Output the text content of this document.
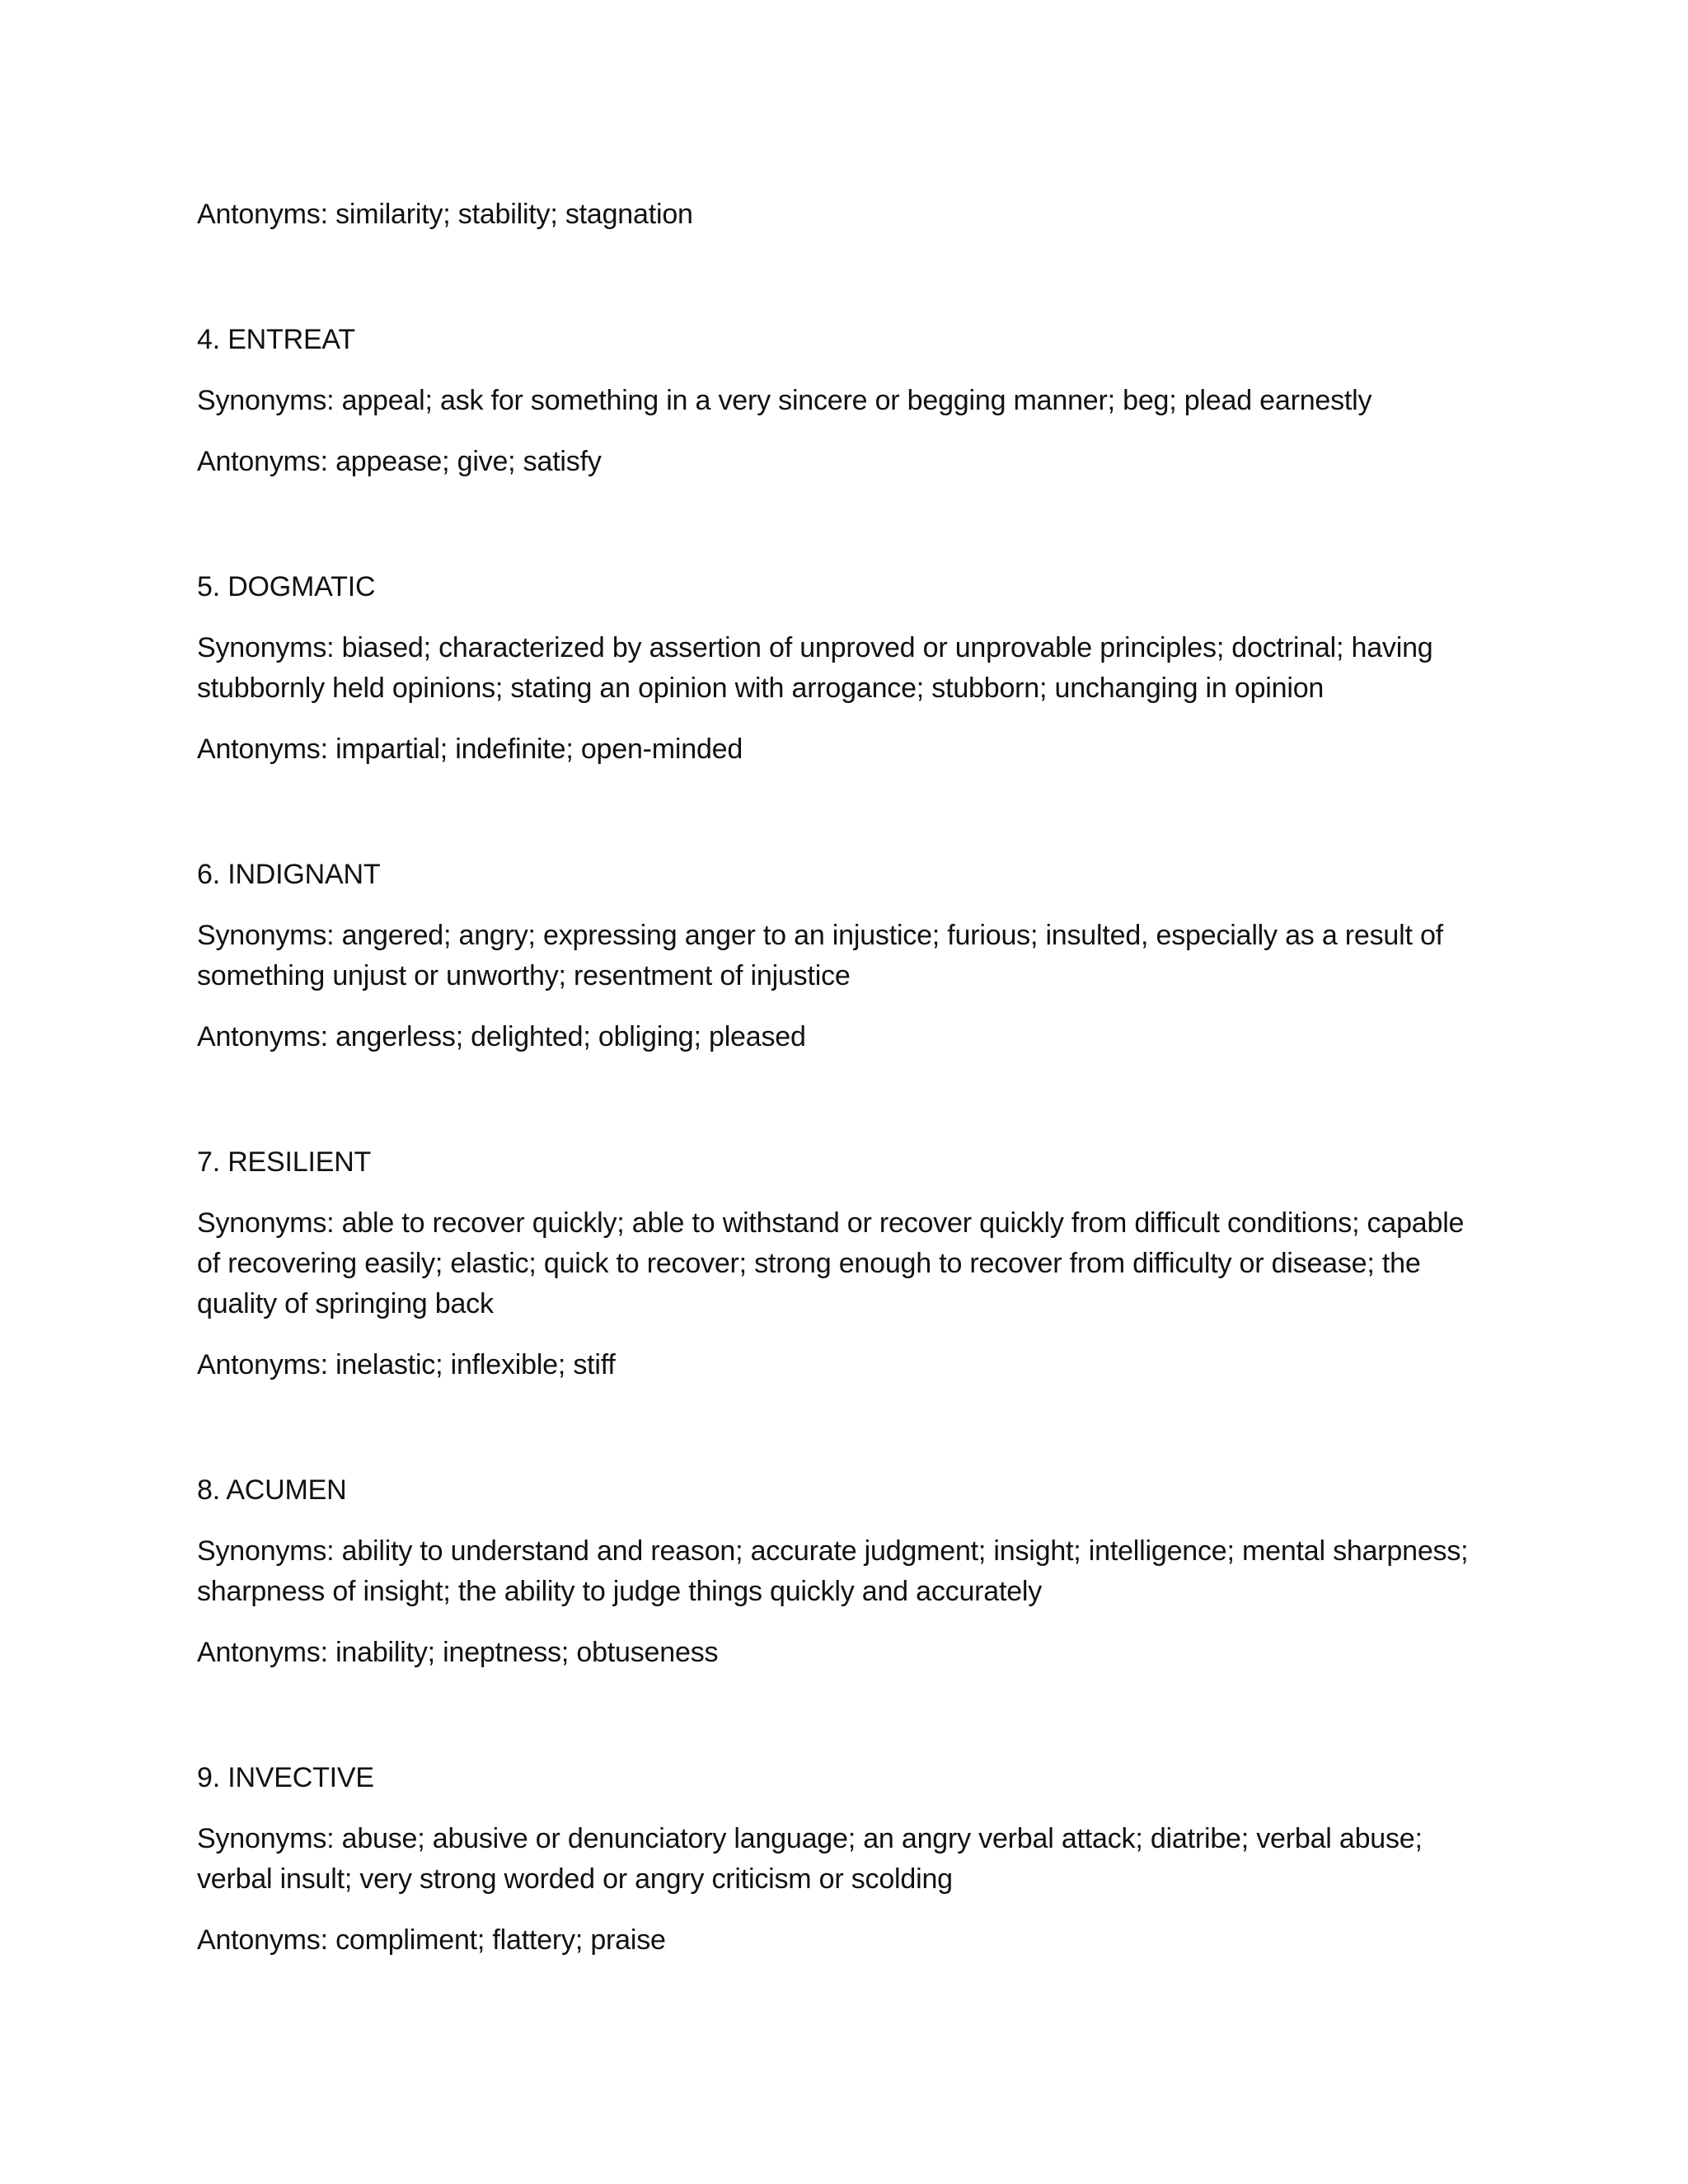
Antonyms: similarity; stability; stagnation

4. ENTREAT

Synonyms: appeal; ask for something in a very sincere or begging manner; beg; plead earnestly

Antonyms: appease; give; satisfy

5. DOGMATIC

Synonyms: biased; characterized by assertion of unproved or unprovable principles; doctrinal; having stubbornly held opinions; stating an opinion with arrogance; stubborn; unchanging in opinion

Antonyms: impartial; indefinite; open-minded

6. INDIGNANT

Synonyms: angered; angry; expressing anger to an injustice; furious; insulted, especially as a result of something unjust or unworthy; resentment of injustice

Antonyms: angerless; delighted; obliging; pleased

7. RESILIENT

Synonyms: able to recover quickly; able to withstand or recover quickly from difficult conditions; capable of recovering easily; elastic; quick to recover; strong enough to recover from difficulty or disease; the quality of springing back

Antonyms: inelastic; inflexible; stiff

8. ACUMEN

Synonyms: ability to understand and reason; accurate judgment; insight; intelligence; mental sharpness; sharpness of insight; the ability to judge things quickly and accurately

Antonyms: inability; ineptness; obtuseness

9. INVECTIVE

Synonyms: abuse; abusive or denunciatory language; an angry verbal attack; diatribe; verbal abuse; verbal insult; very strong worded or angry criticism or scolding

Antonyms: compliment; flattery; praise
